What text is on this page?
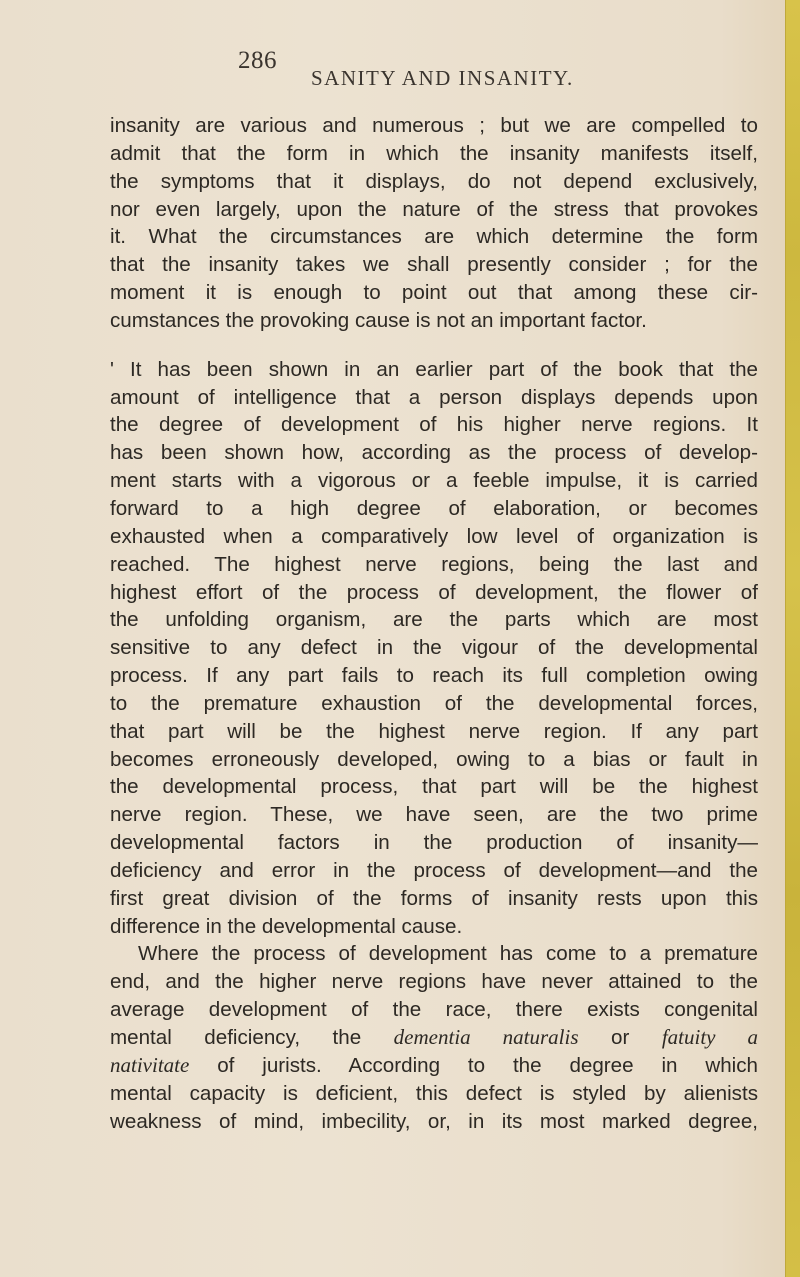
286
SANITY AND INSANITY.
insanity are various and numerous ; but we are compelled to
admit that the form in which the insanity manifests itself,
the symptoms that it displays, do not depend exclusively,
nor even largely, upon the nature of the stress that provokes
it. What the circumstances are which determine the form
that the insanity takes we shall presently consider ; for the
moment it is enough to point out that among these cir-
cumstances the provoking cause is not an important factor.
' It has been shown in an earlier part of the book that the
amount of intelligence that a person displays depends upon
the degree of development of his higher nerve regions. It
has been shown how, according as the process of develop-
ment starts with a vigorous or a feeble impulse, it is carried
forward to a high degree of elaboration, or becomes
exhausted when a comparatively low level of organization is
reached. The highest nerve regions, being the last and
highest effort of the process of development, the flower of
the unfolding organism, are the parts which are most
sensitive to any defect in the vigour of the developmental
process. If any part fails to reach its full completion owing
to the premature exhaustion of the developmental forces,
that part will be the highest nerve region. If any part
becomes erroneously developed, owing to a bias or fault in
the developmental process, that part will be the highest
nerve region. These, we have seen, are the two prime
developmental factors in the production of insanity—
deficiency and error in the process of development—and the
first great division of the forms of insanity rests upon this
difference in the developmental cause.
Where the process of development has come to a premature
end, and the higher nerve regions have never attained to the
average development of the race, there exists congenital
mental deficiency, the dementia naturalis or fatuity a
nativitate of jurists. According to the degree in which
mental capacity is deficient, this defect is styled by alienists
weakness of mind, imbecility, or, in its most marked degree,
